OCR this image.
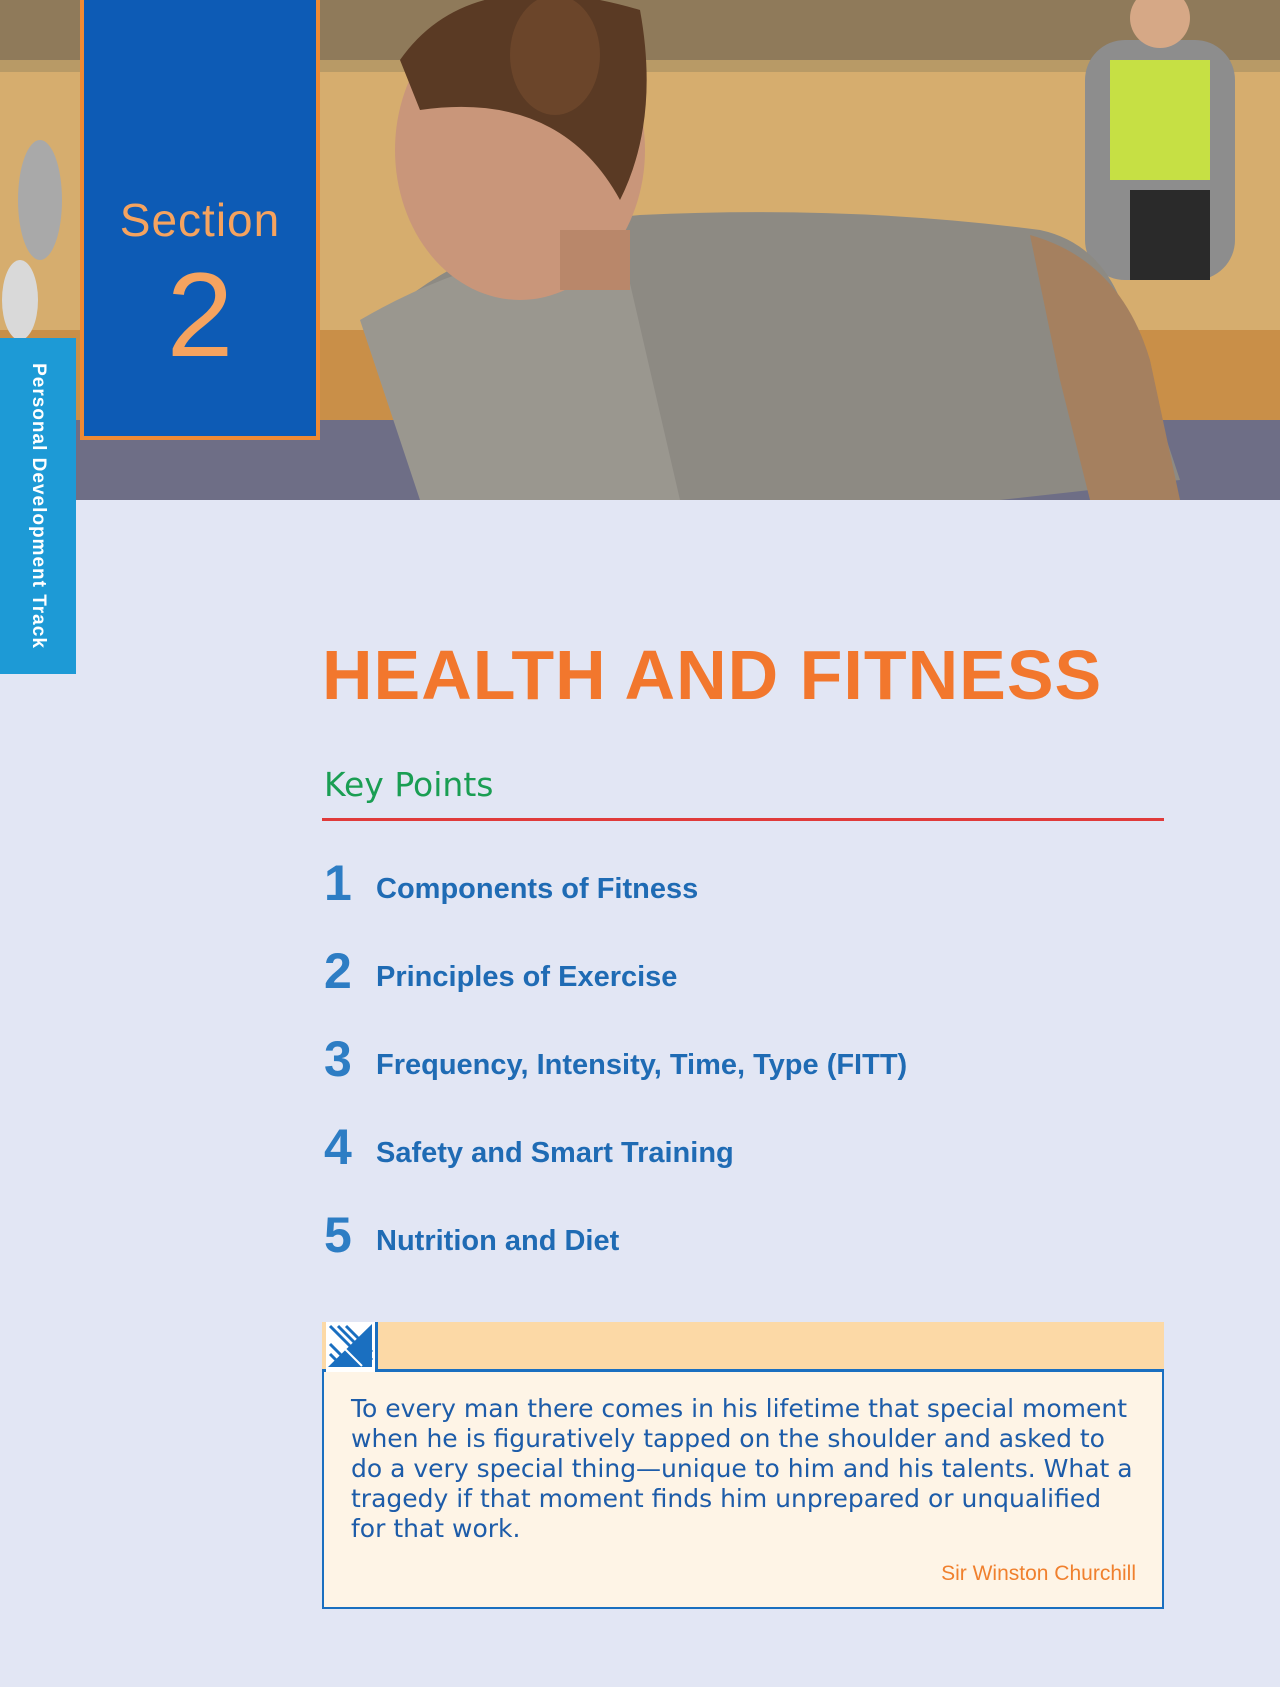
Section
2
Personal Development Track
HEALTH AND FITNESS
Key Points
1 Components of Fitness
2 Principles of Exercise
3 Frequency, Intensity, Time, Type (FITT)
4 Safety and Smart Training
5 Nutrition and Diet
To every man there comes in his lifetime that special moment when he is figuratively tapped on the shoulder and asked to do a very special thing—unique to him and his talents. What a tragedy if that moment finds him unprepared or unqualified for that work.
Sir Winston Churchill
